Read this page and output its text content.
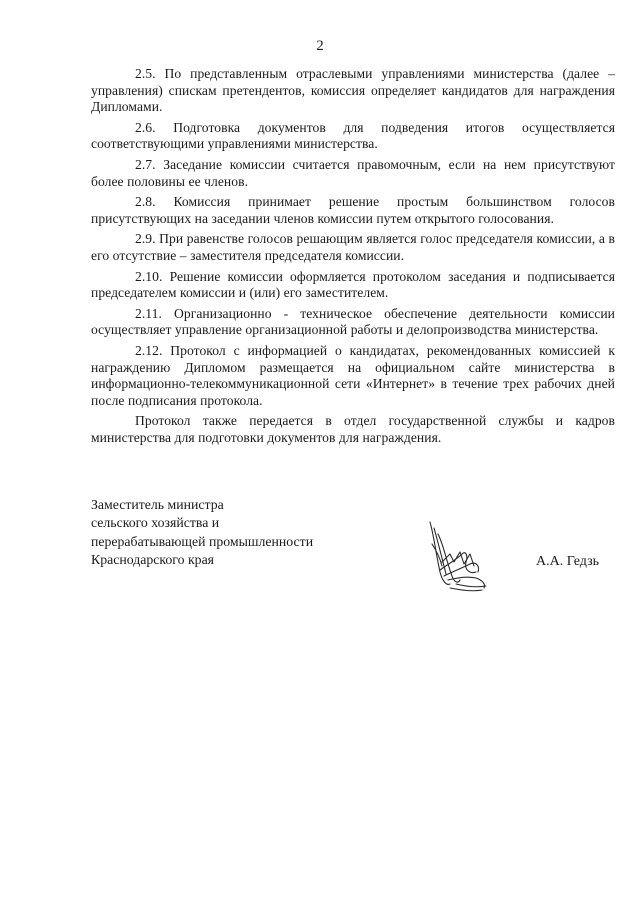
2

2.5. По представленным отраслевыми управлениями министерства (далее – управления) спискам претендентов, комиссия определяет кандидатов для награждения Дипломами.

2.6. Подготовка документов для подведения итогов осуществляется соответствующими управлениями министерства.

2.7. Заседание комиссии считается правомочным, если на нем присутствуют более половины ее членов.

2.8. Комиссия принимает решение простым большинством голосов присутствующих на заседании членов комиссии путем открытого голосования.

2.9. При равенстве голосов решающим является голос председателя комиссии, а в его отсутствие – заместителя председателя комиссии.

2.10. Решение комиссии оформляется протоколом заседания и подписывается председателем комиссии и (или) его заместителем.

2.11. Организационно - техническое обеспечение деятельности комиссии осуществляет управление организационной работы и делопроизводства министерства.

2.12. Протокол с информацией о кандидатах, рекомендованных комиссией к награждению Дипломом размещается на официальном сайте министерства в информационно-телекоммуникационной сети «Интернет» в течение трех рабочих дней после подписания протокола.

Протокол также передается в отдел государственной службы и кадров министерства для подготовки документов для награждения.

Заместитель министра
сельского хозяйства и
перерабатывающей промышленности
Краснодарского края	А.А. Гедзь
